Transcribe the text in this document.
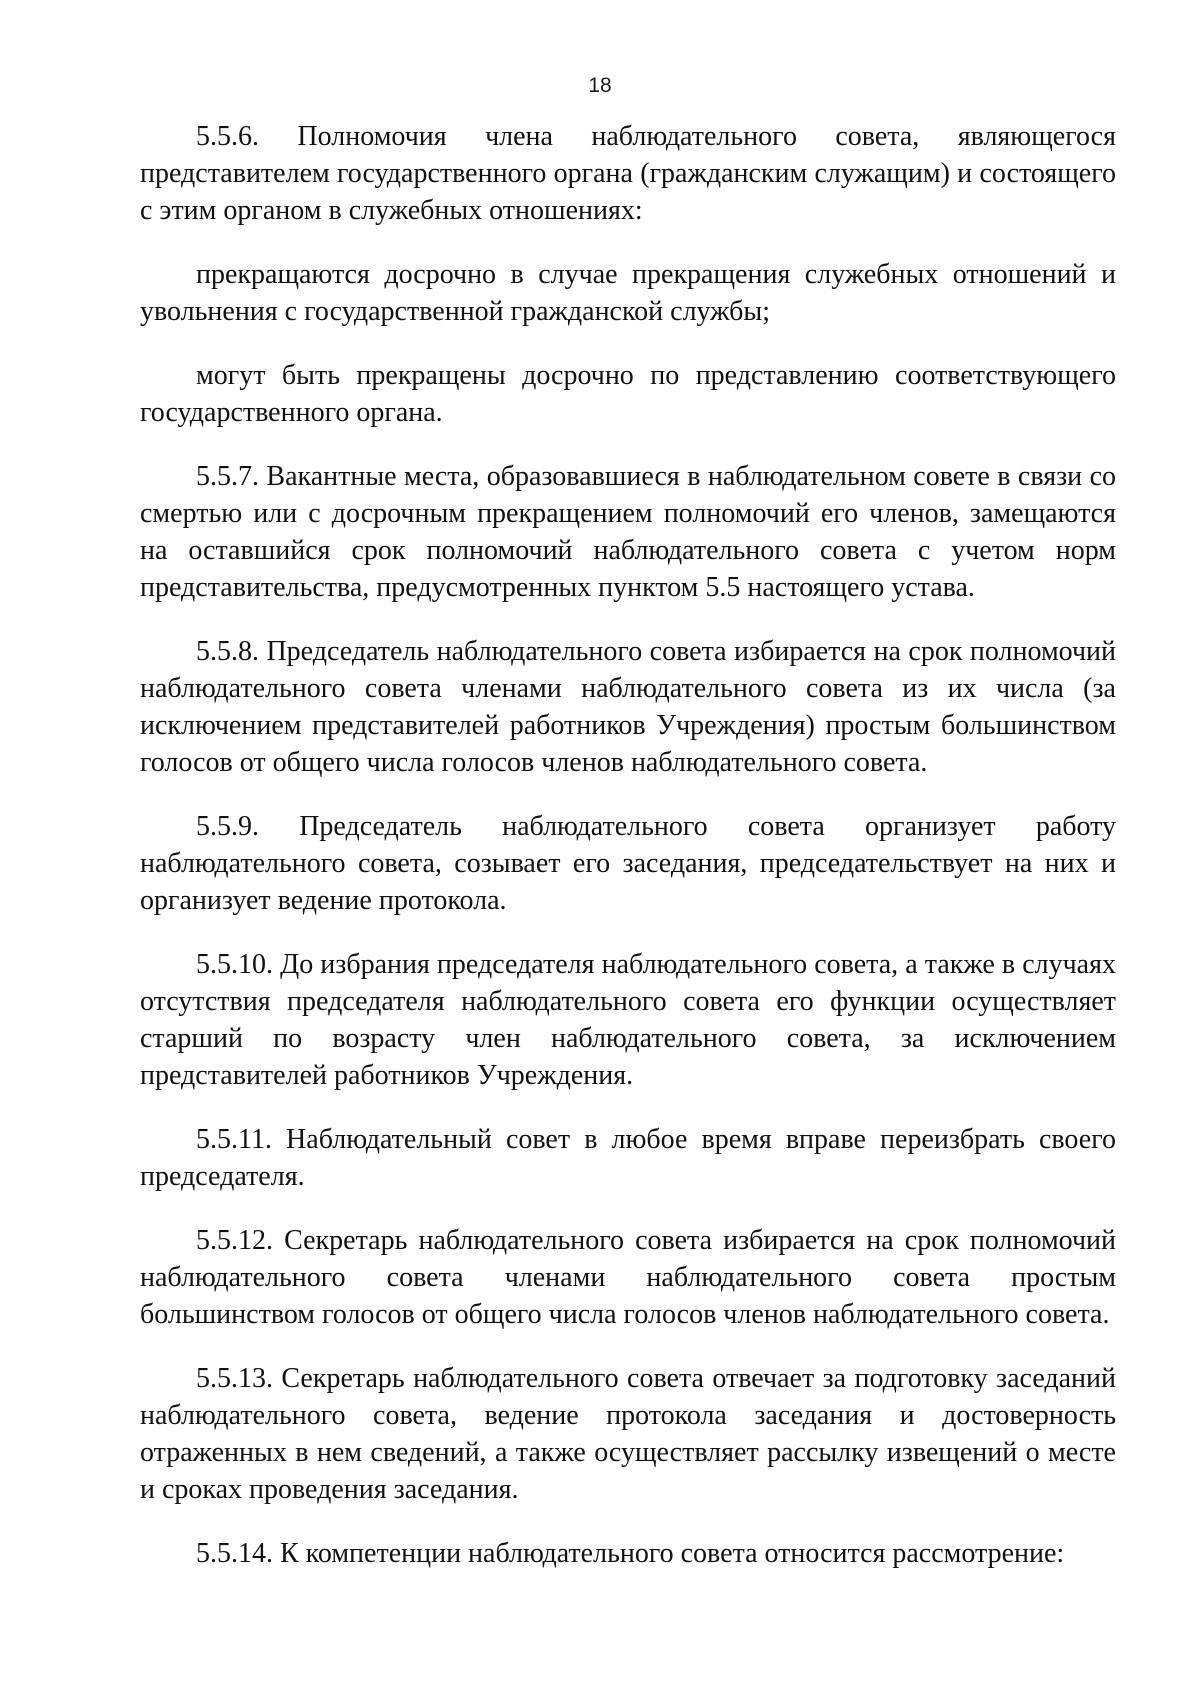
18

5.5.6. Полномочия члена наблюдательного совета, являющегося представителем государственного органа (гражданским служащим) и состоящего с этим органом в служебных отношениях:

прекращаются досрочно в случае прекращения служебных отношений и увольнения с государственной гражданской службы;

могут быть прекращены досрочно по представлению соответствующего государственного органа.

5.5.7. Вакантные места, образовавшиеся в наблюдательном совете в связи со смертью или с досрочным прекращением полномочий его членов, замещаются на оставшийся срок полномочий наблюдательного совета с учетом норм представительства, предусмотренных пунктом 5.5 настоящего устава.

5.5.8. Председатель наблюдательного совета избирается на срок полномочий наблюдательного совета членами наблюдательного совета из их числа (за исключением представителей работников Учреждения) простым большинством голосов от общего числа голосов членов наблюдательного совета.

5.5.9. Председатель наблюдательного совета организует работу наблюдательного совета, созывает его заседания, председательствует на них и организует ведение протокола.

5.5.10. До избрания председателя наблюдательного совета, а также в случаях отсутствия председателя наблюдательного совета его функции осуществляет старший по возрасту член наблюдательного совета, за исключением представителей работников Учреждения.

5.5.11. Наблюдательный совет в любое время вправе переизбрать своего председателя.

5.5.12. Секретарь наблюдательного совета избирается на срок полномочий наблюдательного совета членами наблюдательного совета простым большинством голосов от общего числа голосов членов наблюдательного совета.

5.5.13. Секретарь наблюдательного совета отвечает за подготовку заседаний наблюдательного совета, ведение протокола заседания и достоверность отраженных в нем сведений, а также осуществляет рассылку извещений о месте и сроках проведения заседания.

5.5.14. К компетенции наблюдательного совета относится рассмотрение:
